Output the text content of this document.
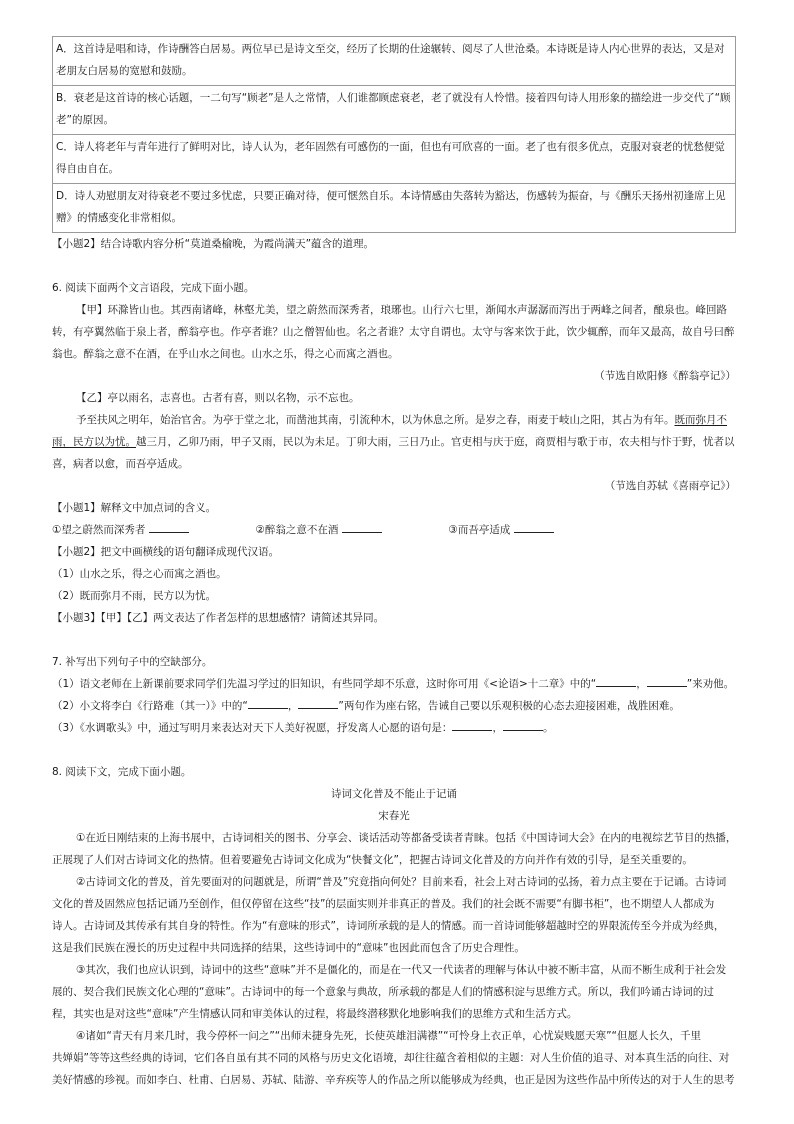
A．这首诗是唱和诗，作诗酬答白居易。两位早已是诗文至交，经历了长期的仕途辗转、阅尽了人世沧桑。本诗既是诗人内心世界的表达，又是对老朋友白居易的宽慰和鼓励。
B．衰老是这首诗的核心话题，一二句写“顾老”是人之常情，人们谁都顾虑衰老，老了就没有人怜惜。接着四句诗人用形象的描绘进一步交代了“顾老”的原因。
C．诗人将老年与青年进行了鲜明对比，诗人认为，老年固然有可感伤的一面，但也有可欣喜的一面。老了也有很多优点，克服对衰老的忧愁便觉得自由自在。
D．诗人劝慰朋友对待衰老不要过多忧虑，只要正确对待，便可惬然自乐。本诗情感由失落转为豁达，伤感转为振奋，与《酬乐天扬州初逢席上见赠》的情感变化非常相似。
【小题2】结合诗歌内容分析“莫道桑榆晚，为霞尚满天”蕴含的道理。
6. 阅读下面两个文言语段，完成下面小题。
【甲】环滁皆山也。其西南诸峰，林壑尤美，望之蔚然而深秀者，琅琊也。山行六七里，渐闻水声潺潺而泻出于两峰之间者，酿泉也。峰回路
转，有亭翼然临于泉上者，醉翁亭也。作亭者谁？山之僧智仙也。名之者谁？太守自谓也。太守与客来饮于此，饮少辄醉，而年又最高，故自号曰醉
翁也。醉翁之意不在酒，在乎山水之间也。山水之乐，得之心而寓之酒也。
（节选自欧阳修《醉翁亭记》）
【乙】亭以雨名，志喜也。古者有喜，则以名物，示不忘也。
予至扶风之明年，始治官舍。为亭于堂之北，而凿池其南，引流种木，以为休息之所。是岁之春，雨麦于岐山之阳，其占为有年。既而弥月不
雨，民方以为忧。越三月，乙卯乃雨，甲子又雨，民以为未足。丁卯大雨，三日乃止。官吏相与庆于庭，商贾相与歌于市，农夫相与忭于野，忧者以
喜，病者以愈，而吾亭适成。
（节选自苏轼《喜雨亭记》）
【小题1】解释文中加点词的含义。
①望之蔚然而深秀者	②醉翁之意不在酒	③而吾亭适成
【小题2】把文中画横线的语句翻译成现代汉语。
（1）山水之乐，得之心而寓之酒也。
（2）既而弥月不雨，民方以为忧。
【小题3】【甲】【乙】两文表达了作者怎样的思想感情？请简述其异同。
7. 补写出下列句子中的空缺部分。
（1）语文老师在上新课前要求同学们先温习学过的旧知识，有些同学却不乐意，这时你可用《<论语>十二章》中的“	，	”来劝他。
（2）小文将李白《行路难（其一）》中的“	，	”两句作为座右铭，告诫自己要以乐观积极的心态去迎接困难，战胜困难。
（3）《水调歌头》中，通过写明月来表达对天下人美好祝愿，抒发离人心愿的语句是：	，	。
8. 阅读下文，完成下面小题。
诗词文化普及不能止于记诵
宋春光
①在近日刚结束的上海书展中，古诗词相关的图书、分享会、谈话活动等都备受读者青睐。包括《中国诗词大会》在内的电视综艺节目的热播，
正展现了人们对古诗词文化的热情。但着要避免古诗词文化成为“快餐文化”，把握古诗词文化普及的方向并作有效的引导，是至关重要的。
②古诗词文化的普及，首先要面对的问题就是，所谓“普及”究竟指向何处？目前来看，社会上对古诗词的弘扬，着力点主要在于记诵。古诗词
文化的普及固然应包括记诵乃至创作，但仅停留在这些“技”的层面实则并非真正的普及。我们的社会既不需要“有脚书柜”，也不期望人人都成为
诗人。古诗词及其传承有其自身的特性。作为“有意味的形式”，诗词所承载的是人的情感。而一首诗词能够超越时空的界限流传至今并成为经典，
这是我们民族在漫长的历史过程中共同选择的结果，这些诗词中的“意味”也因此而包含了历史合理性。
③其次，我们也应认识到，诗词中的这些“意味”并不是僵化的，而是在一代又一代读者的理解与体认中被不断丰富，从而不断生成利于社会发
展的、契合我们民族文化心理的“意味”。古诗词中的每一个意象与典故，所承载的都是人们的情感积淀与思维方式。所以，我们吟诵古诗词的过
程，其实也是对这些“意味”产生情感认同和审美体认的过程，将最终潜移默化地影响我们的思维方式和生活方式。
④诸如“青天有月来几时，我今停杯一问之”“出师未捷身先死，长使英雄泪满襟”“可怜身上衣正单，心忧炭贱愿天寒”“但愿人长久，千里
共婵娟”等等这些经典的诗词，它们各自虽有其不同的风格与历史文化语境，却往往蕴含着相似的主题：对人生价值的追寻、对本真生活的向往、对
美好情感的珍视。而如李白、杜甫、白居易、苏轼、陆游、辛弃疾等人的作品之所以能够成为经典，也正是因为这些作品中所传达的对于人生的思考
